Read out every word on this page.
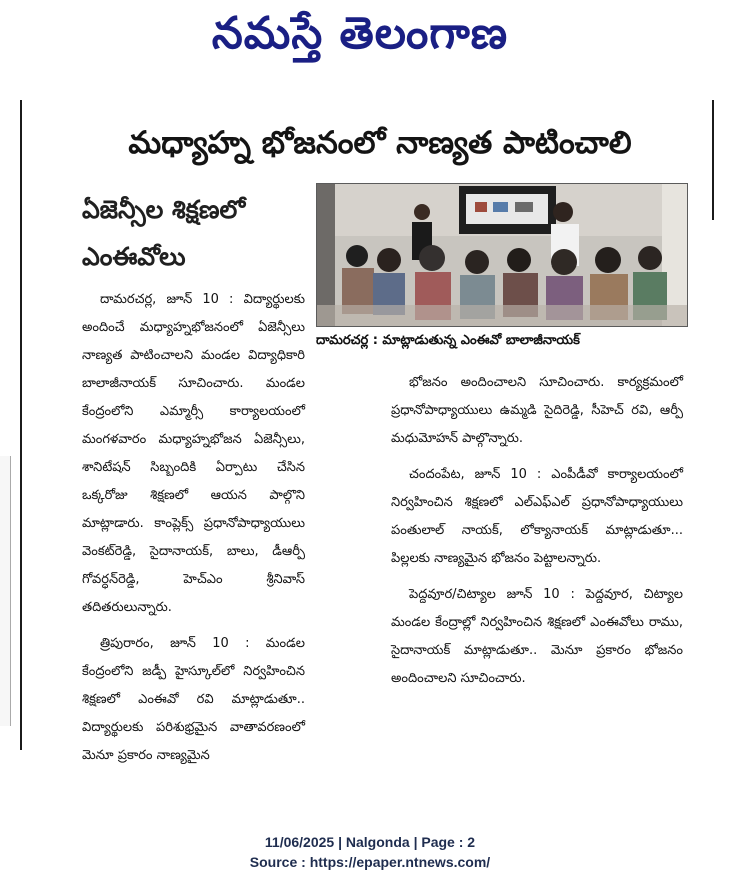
నమస్తే తెలంగాణ
మధ్యాహ్న భోజనంలో నాణ్యత పాటించాలి
ఏజెన్సీల శిక్షణలో
ఎంఈవోలు
దామరచర్ల : మాట్లాడుతున్న ఎంఈవో బాలాజీనాయక్

దామరచర్ల, జూన్ 10 : విద్యార్థులకు అందించే మధ్యాహ్నభోజనంలో ఏజెన్సీలు నాణ్యత పాటించాలని మండల విద్యాధికారి బాలాజీనాయక్ సూచించారు. మండల కేంద్రంలోని ఎమ్మార్సీ కార్యాలయంలో మంగళవారం మధ్యాహ్నభోజన ఏజెన్సీలు, శానిటేషన్ సిబ్బందికి ఏర్పాటు చేసిన ఒక్కరోజు శిక్షణలో ఆయన పాల్గొని మాట్లాడారు. కాంప్లెక్స్ ప్రధానోపాధ్యాయులు వెంకట్‌రెడ్డి, సైదానాయక్, బాలు, డీఆర్పీ గోవర్ధన్‌రెడ్డి, హెచ్ఎం శ్రీనివాస్ తదితరులున్నారు.

త్రిపురారం, జూన్ 10 : మండల కేంద్రంలోని జడ్పీ హైస్కూల్‌లో నిర్వహించిన శిక్షణలో ఎంఈవో రవి మాట్లాడుతూ.. విద్యార్థులకు పరిశుభ్రమైన వాతావరణంలో మెనూ ప్రకారం నాణ్యమైన

భోజనం అందించాలని సూచించారు. కార్యక్రమంలో ప్రధానోపాధ్యాయులు ఉమ్మడి సైదిరెడ్డి, సీహెచ్ రవి, ఆర్పీ మధుమోహన్ పాల్గొన్నారు.

చందంపేట, జూన్ 10 : ఎంపీడీవో కార్యాలయంలో నిర్వహించిన శిక్షణలో ఎల్ఎఫ్ఎల్ ప్రధానోపాధ్యాయులు పంతులాల్ నాయక్, లోక్యానాయక్ మాట్లాడుతూ... పిల్లలకు నాణ్యమైన భోజనం పెట్టాలన్నారు.

పెద్దవూర/చిట్యాల జూన్ 10 : పెద్దవూర, చిట్యాల మండల కేంద్రాల్లో నిర్వహించిన శిక్షణలో ఎంఈవోలు రాము, సైదానాయక్ మాట్లాడుతూ.. మెనూ ప్రకారం భోజనం అందించాలని సూచించారు.

11/06/2025 | Nalgonda | Page : 2
Source : https://epaper.ntnews.com/
